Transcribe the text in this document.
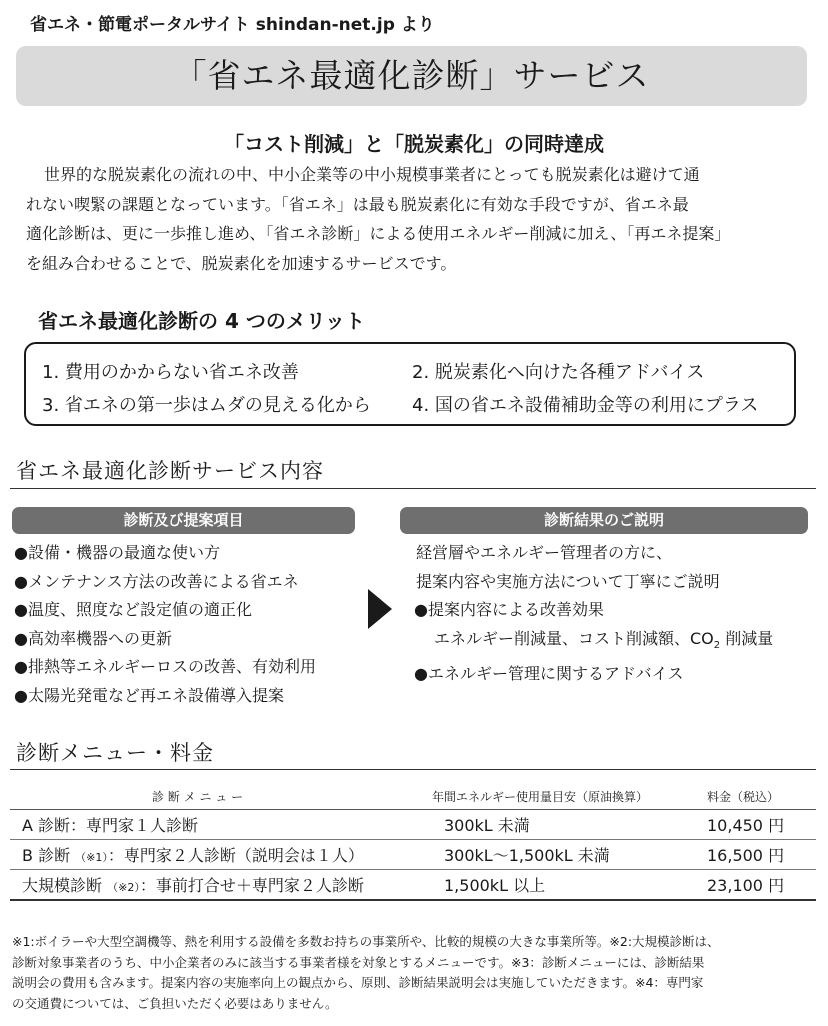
省エネ・節電ポータルサイト shindan-net.jp より
「省エネ最適化診断」サービス
「コスト削減」と「脱炭素化」の同時達成

世界的な脱炭素化の流れの中、中小企業等の中小規模事業者にとっても脱炭素化は避けて通

れない喫緊の課題となっています。「省エネ」は最も脱炭素化に有効な手段ですが、省エネ最

適化診断は、更に一歩推し進め、「省エネ診断」による使用エネルギー削減に加え、「再エネ提案」

を組み合わせることで、脱炭素化を加速するサービスです。

省エネ最適化診断の 4 つのメリット
1. 費用のかからない省エネ改善	2. 脱炭素化へ向けた各種アドバイス
3. 省エネの第一歩はムダの見える化から 4. 国の省エネ設備補助金等の利用にプラス
省エネ最適化診断サービス内容
診断及び提案項目	診断結果のご説明
●設備・機器の最適な使い方
●メンテナンス方法の改善による省エネ
●温度、照度など設定値の適正化
●高効率機器への更新
●排熱等エネルギーロスの改善、有効利用
●太陽光発電など再エネ設備導入提案
経営層やエネルギー管理者の方に、
提案内容や実施方法について丁寧にご説明
●提案内容による改善効果
エネルギー削減量、コスト削減額、$CO_2$ 削減量
●エネルギー管理に関するアドバイス
診断メニュー・料金
診 断 メ ニ ュ ー	年間エネルギー使用量目安（原油換算）	料金（税込）
A 診断：専門家１人診断	300kL 未満	10,450 円
B 診断 （※1）：専門家２人診断（説明会は１人）	300kL〜1,500kL 未満	16,500 円
大規模診断 （※2）：事前打合せ＋専門家２人診断	1,500kL 以上	23,100 円
※1:ボイラーや大型空調機等、熱を利用する設備を多数お持ちの事業所や、比較的規模の大きな事業所等。※2:大規模診断は、
診断対象事業者のうち、中小企業者のみに該当する事業者様を対象とするメニューです。※3：診断メニューには、診断結果
説明会の費用も含みます。提案内容の実施率向上の観点から、原則、診断結果説明会は実施していただきます。※4：専門家
の交通費については、ご負担いただく必要はありません。
